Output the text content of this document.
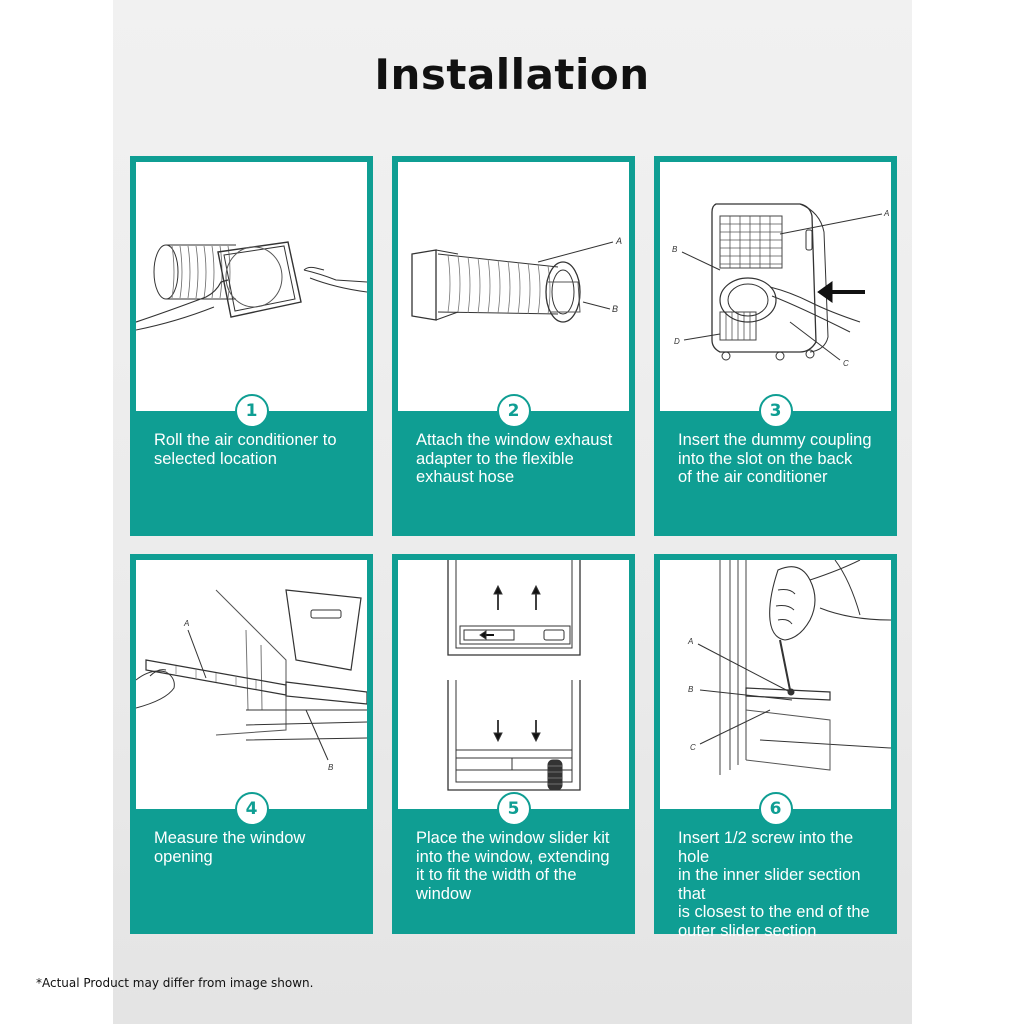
Installation
1
Roll the air conditioner to
selected location
A
B
2
Attach the window exhaust
adapter to the flexible
exhaust hose
A
B
C
D
3
Insert the dummy coupling
into the slot on the back
of the air conditioner
A
B
4
Measure the window opening
5
Place the window slider kit
into the window, extending
it to fit the width of the
window
A
B
C
6
Insert 1/2 screw into the hole
in the inner slider section that
is closest to the end of the
outer slider section
*Actual Product may differ from image shown.
